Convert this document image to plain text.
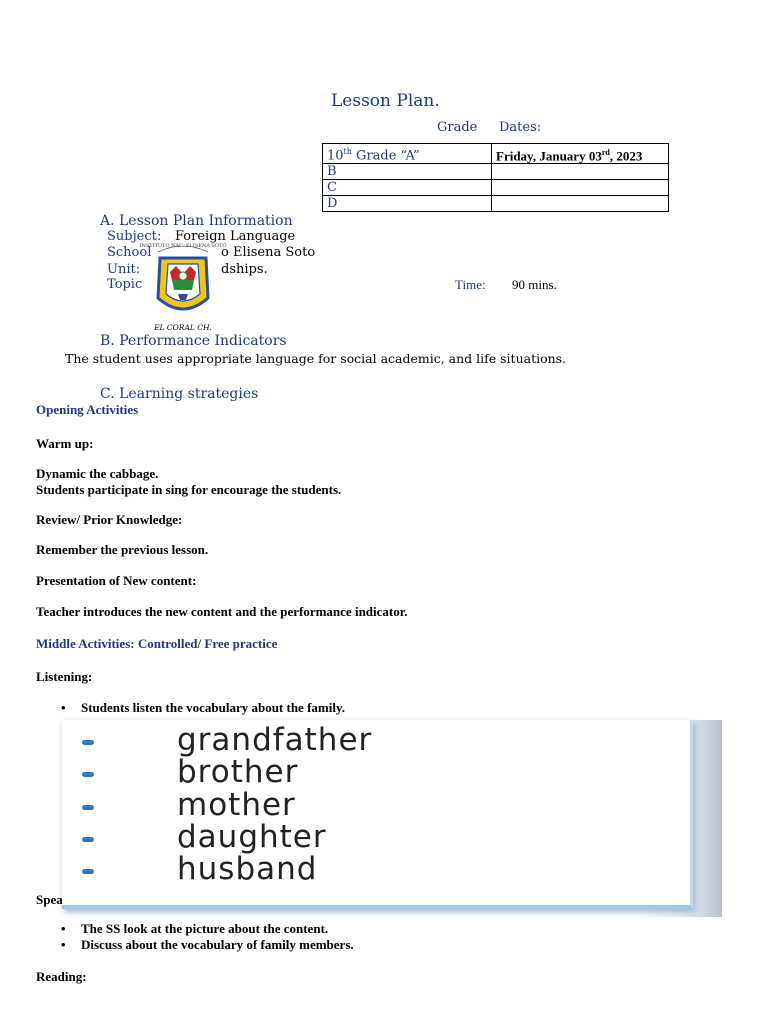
Lesson Plan.
Grade Dates:
10th Grade “A”	Friday, January 03rd, 2023
B	
C	
D	
A. Lesson Plan Information
Subject: Foreign Language
School	o Elisena Soto
Unit:	dships.
Topic	Time: 90 mins.
INSTITUTO NAC. ELISENA SOTO
EL CORAL CH.
B. Performance Indicators
The student uses appropriate language for social academic, and life situations.
C. Learning strategies
Opening Activities
Warm up:
Dynamic the cabbage.
Students participate in sing for encourage the students.
Review/ Prior Knowledge:
Remember the previous lesson.
Presentation of New content:
Teacher introduces the new content and the performance indicator.
Middle Activities: Controlled/ Free practice
Listening:
• Students listen the vocabulary about the family.
grandfather
brother
mother
daughter
husband
Spea
• The SS look at the picture about the content.
• Discuss about the vocabulary of family members.
Reading:
